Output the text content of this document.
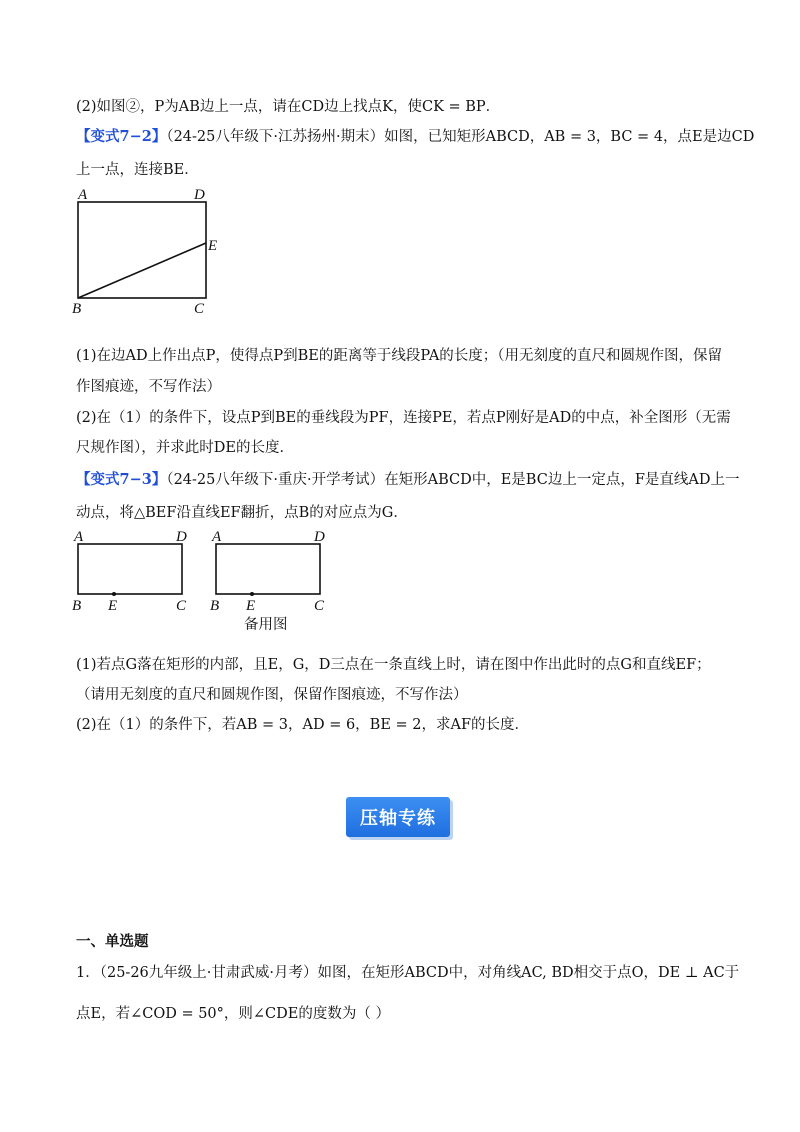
(2)如图②，P为AB边上一点，请在CD边上找点K，使CK = BP．
【变式7−2】（24-25八年级下·江苏扬州·期末）如图，已知矩形ABCD，AB = 3，BC = 4，点E是边CD
上一点，连接BE．
A	D
E
B	C
(1)在边AD上作出点P，使得点P到BE的距离等于线段PA的长度；（用无刻度的直尺和圆规作图，保留
作图痕迹，不写作法）
(2)在（1）的条件下，设点P到BE的垂线段为PF，连接PE，若点P刚好是AD的中点，补全图形（无需
尺规作图），并求此时DE的长度．
【变式7−3】（24-25八年级下·重庆·开学考试）在矩形ABCD中，E是BC边上一定点，F是直线AD上一
动点，将△BEF沿直线EF翻折，点B的对应点为G．
A	D
B E	C
A	D
B E	C
备用图
(1)若点G落在矩形的内部，且E，G，D三点在一条直线上时，请在图中作出此时的点G和直线EF；
（请用无刻度的直尺和圆规作图，保留作图痕迹，不写作法）
(2)在（1）的条件下，若AB = 3，AD = 6，BE = 2，求AF的长度．
压轴专练
一、单选题
1．（25-26九年级上·甘肃武威·月考）如图，在矩形ABCD中，对角线AC, BD相交于点O，DE ⊥ AC于
点E，若∠COD = 50°，则∠CDE的度数为（ ）
